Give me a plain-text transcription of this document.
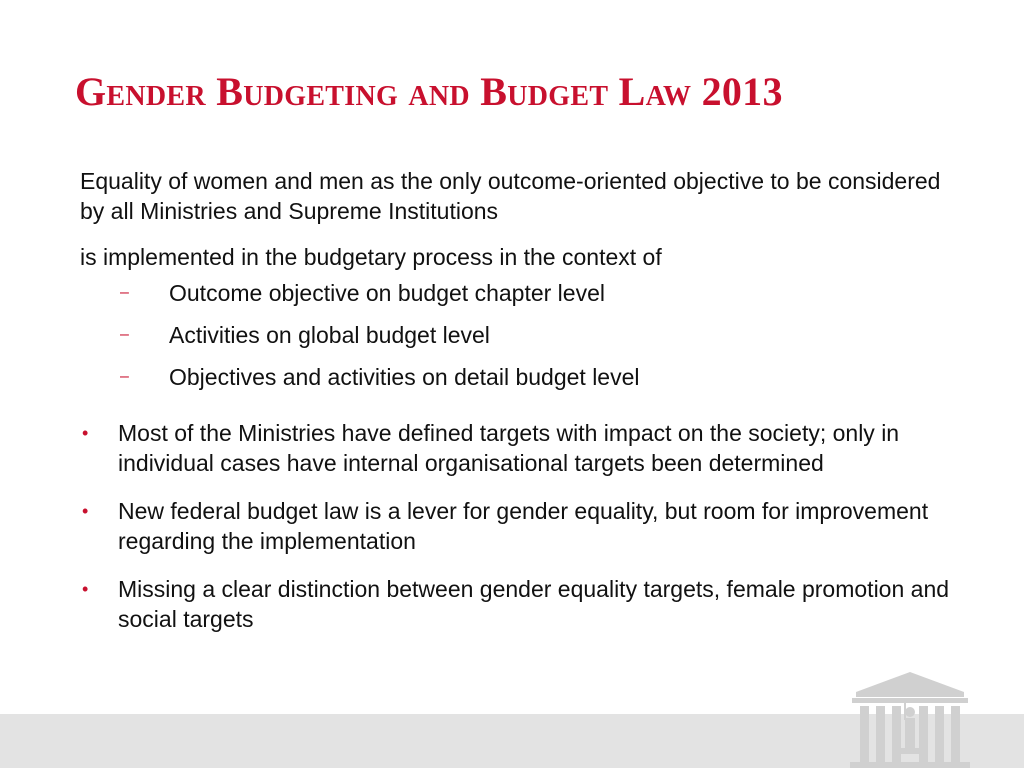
Gender Budgeting and Budget Law 2013

Equality of women and men as the only outcome-oriented objective to be considered by all Ministries and Supreme Institutions

is implemented in the budgetary process in the context of

– Outcome objective on budget chapter level
– Activities on global budget level
– Objectives and activities on detail budget level
• Most of the Ministries have defined targets with impact on the society; only in individual cases have internal organisational targets been determined
• New federal budget law is a lever for gender equality, but room for improvement regarding the implementation
• Missing a clear distinction between gender equality targets, female promotion and social targets
